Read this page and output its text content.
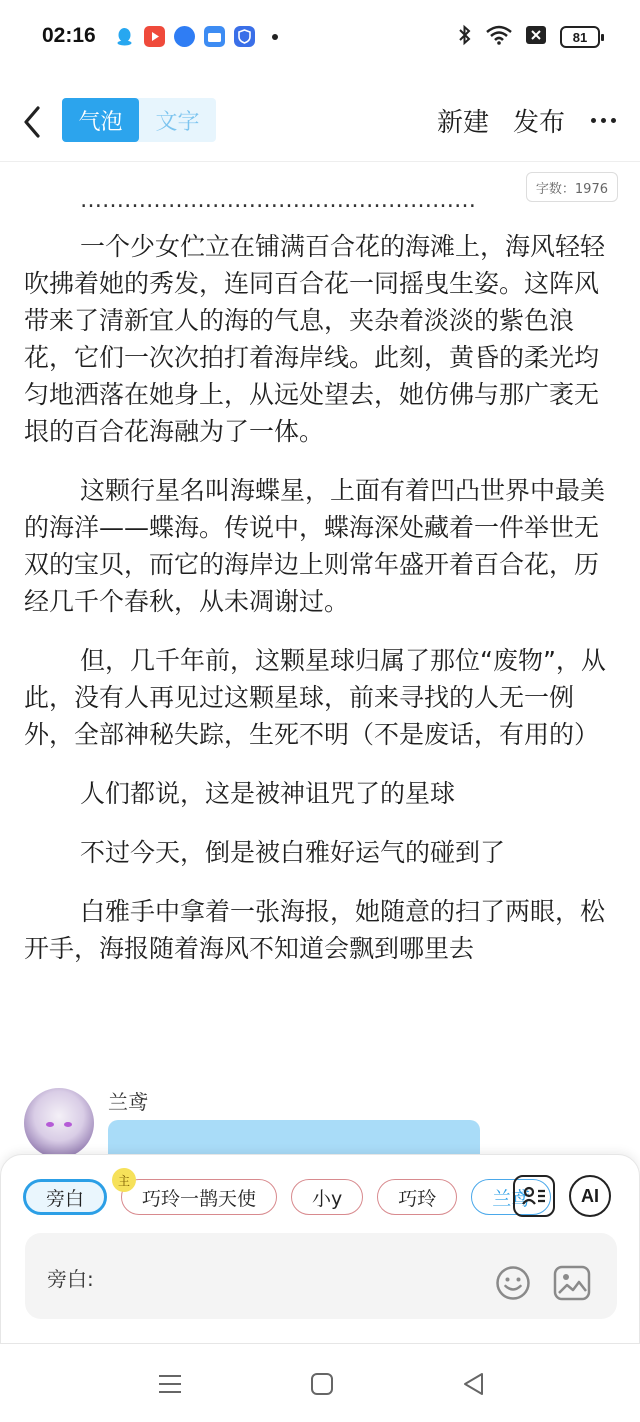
02:16	81
气泡	文字	新建 发布
字数：1976
………………………………………………

一个少女伫立在铺满百合花的海滩上，海风轻轻吹拂着她的秀发，连同百合花一同摇曳生姿。这阵风带来了清新宜人的海的气息，夹杂着淡淡的紫色浪花，它们一次次拍打着海岸线。此刻，黄昏的柔光均匀地洒落在她身上，从远处望去，她仿佛与那广袤无垠的百合花海融为了一体。

这颗行星名叫海蝶星，上面有着凹凸世界中最美的海洋——蝶海。传说中，蝶海深处藏着一件举世无双的宝贝，而它的海岸边上则常年盛开着百合花，历经几千个春秋，从未凋谢过。

但，几千年前，这颗星球归属了那位“废物”，从此，没有人再见过这颗星球，前来寻找的人无一例外，全部神秘失踪，生死不明（不是废话，有用的）

人们都说，这是被神诅咒了的星球

不过今天，倒是被白雅好运气的碰到了

白雅手中拿着一张海报，她随意的扫了两眼，松开手，海报随着海风不知道会飘到哪里去

兰鸢
旁白
主
巧玲一鹊天使	小y	巧玲	兰鸢	AI
旁白:
